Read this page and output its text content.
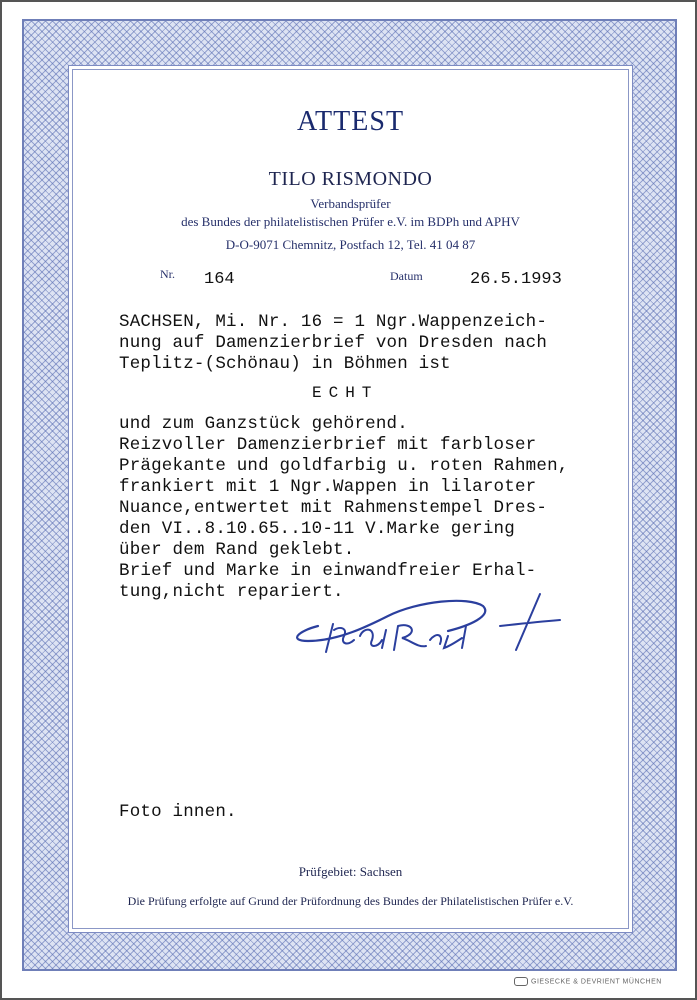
ATTEST
TILO RISMONDO
Verbandsprüfer
des Bundes der philatelistischen Prüfer e.V. im BDPh und APHV
D-O-9071 Chemnitz, Postfach 12, Tel. 41 04 87
Nr. 164	Datum	26.5.1993
SACHSEN, Mi. Nr. 16 = 1 Ngr.Wappenzeich-
nung auf Damenzierbrief von Dresden nach
Teplitz-(Schönau) in Böhmen ist
ECHT
und zum Ganzstück gehörend.
Reizvoller Damenzierbrief mit farbloser
Prägekante und goldfarbig u. roten Rahmen,
frankiert mit 1 Ngr.Wappen in lilaroter
Nuance,entwertet mit Rahmenstempel Dres-
den VI..8.10.65..10-11 V.Marke gering
über dem Rand geklebt.
Brief und Marke in einwandfreier Erhal-
tung,nicht repariert.
Foto innen.
Prüfgebiet: Sachsen
Die Prüfung erfolgte auf Grund der Prüfordnung des Bundes der Philatelistischen Prüfer e.V.
GIESECKE & DEVRIENT MÜNCHEN
